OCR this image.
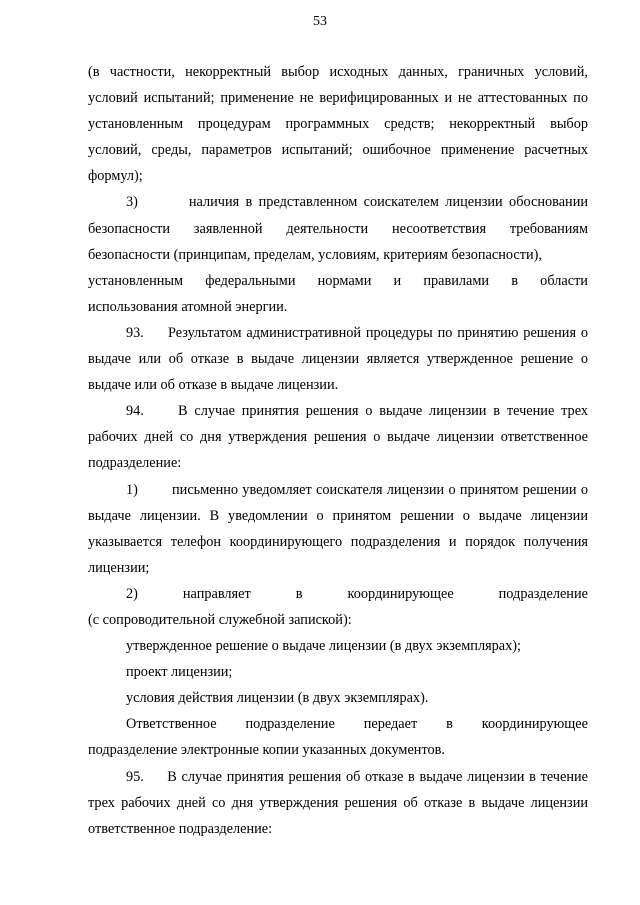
53

(в частности, некорректный выбор исходных данных, граничных условий, условий испытаний; применение не верифицированных и не аттестованных по установленным процедурам программных средств; некорректный выбор условий, среды, параметров испытаний; ошибочное применение расчетных формул);

3)        наличия в представленном соискателем лицензии обосновании безопасности заявленной деятельности несоответствия требованиям безопасности (принципам, пределам, условиям, критериям безопасности),

установленным федеральными нормами и правилами в области

использования атомной энергии.

93.     Результатом административной процедуры по принятию решения о выдаче или об отказе в выдаче лицензии является утвержденное решение о выдаче или об отказе в выдаче лицензии.

94.     В случае принятия решения о выдаче лицензии в течение трех рабочих дней со дня утверждения решения о выдаче лицензии ответственное подразделение:

1)        письменно уведомляет соискателя лицензии о принятом решении о выдаче лицензии. В уведомлении о принятом решении о выдаче лицензии указывается телефон координирующего подразделения и порядок получения лицензии;

2)	направляет	в	координирующее	подразделение

(с сопроводительной служебной запиской):

утвержденное решение о выдаче лицензии (в двух экземплярах);

проект лицензии;

условия действия лицензии (в двух экземплярах).

Ответственное подразделение передает в координирующее

подразделение электронные копии указанных документов.

95.     В случае принятия решения об отказе в выдаче лицензии в течение трех рабочих дней со дня утверждения решения об отказе в выдаче лицензии ответственное подразделение:
